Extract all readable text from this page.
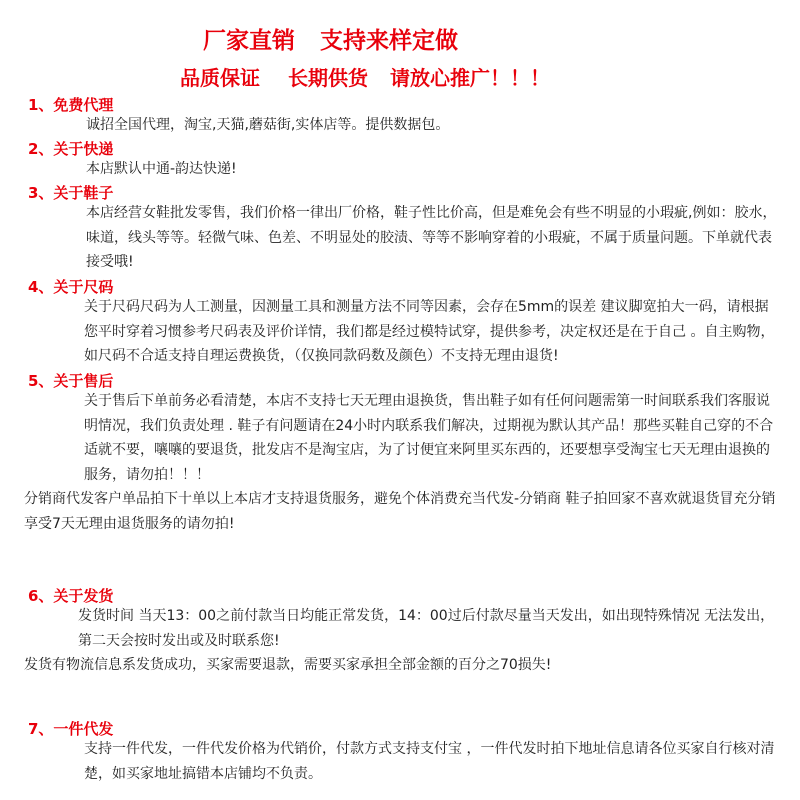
厂家直销 支持来样定做
品质保证 长期供货 请放心推广！！！
1、免费代理

诚招全国代理，淘宝,天猫,蘑菇街,实体店等。提供数据包。

2、关于快递

本店默认中通-韵达快递!

3、关于鞋子

本店经营女鞋批发零售，我们价格一律出厂价格，鞋子性比价高，但是难免会有些不明显的小瑕疵,例如：胶水，味道，线头等等。轻微气味、色差、不明显处的胶渍、等等不影响穿着的小瑕疵，不属于质量问题。下单就代表接受哦!

4、关于尺码

关于尺码尺码为人工测量，因测量工具和测量方法不同等因素，会存在5mm的误差 建议脚宽拍大一码，请根据您平时穿着习惯参考尺码表及评价详情，我们都是经过模特试穿，提供参考，决定权还是在于自己 。自主购物，如尺码不合适支持自理运费换货，（仅换同款码数及颜色）不支持无理由退货!

5、关于售后

关于售后下单前务必看清楚，本店不支持七天无理由退换货，售出鞋子如有任何问题需第一时间联系我们客服说明情况，我们负责处理 . 鞋子有问题请在24小时内联系我们解决，过期视为默认其产品！那些买鞋自己穿的不合适就不要，嚷嚷的要退货，批发店不是淘宝店，为了讨便宜来阿里买东西的，还要想享受淘宝七天无理由退换的服务，请勿拍！！！

分销商代发客户单品拍下十单以上本店才支持退货服务，避免个体消费充当代发-分销商 鞋子拍回家不喜欢就退货冒充分销享受7天无理由退货服务的请勿拍!

6、关于发货

发货时间 当天13：00之前付款当日均能正常发货，14：00过后付款尽量当天发出，如出现特殊情况 无法发出，第二天会按时发出或及时联系您!

发货有物流信息系发货成功，买家需要退款，需要买家承担全部金额的百分之70损失!

7、一件代发

支持一件代发，一件代发价格为代销价，付款方式支持支付宝 ，一件代发时拍下地址信息请各位买家自行核对清楚，如买家地址搞错本店铺均不负责。
